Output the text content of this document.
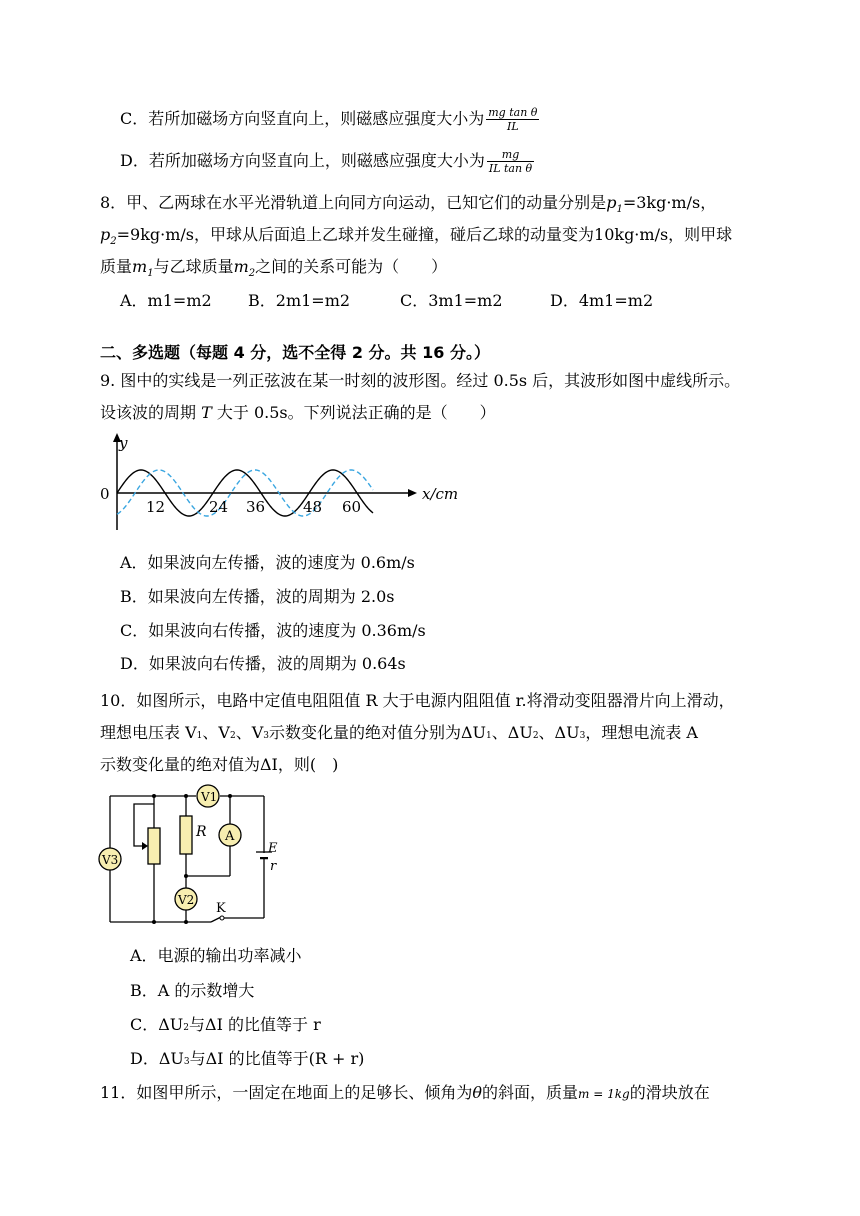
C．若所加磁场方向竖直向上，则磁感应强度大小为 $\frac{\text{mg tan θ}}{IL}$
D．若所加磁场方向竖直向上，则磁感应强度大小为 $\frac{mg}{\text{IL tan θ}}$
8．甲、乙两球在水平光滑轨道上向同方向运动，已知它们的动量分别是$p_1=3kg\cdot m/s$，
$p_2=9kg\cdot m/s$，甲球从后面追上乙球并发生碰撞，碰后乙球的动量变为10kg·m/s，则甲球
质量$m_1$与乙球质量$m_2$之间的关系可能为（　　）
A．m1=m2 B．2m1=m2	C．3m1=m2	D．4m1=m2
二、多选题（每题 4 分，选不全得 2 分。共 16 分。）
9. 图中的实线是一列正弦波在某一时刻的波形图。经过 0.5s 后，其波形如图中虚线所示。
设该波的周期 T 大于 0.5s。下列说法正确的是（　　）
y
0	x/cm
12	24 36	48 60
A．如果波向左传播，波的速度为 0.6m/s
B．如果波向左传播，波的周期为 2.0s
C．如果波向右传播，波的速度为 0.36m/s
D．如果波向右传播，波的周期为 0.64s
10．如图所示，电路中定值电阻阻值 R 大于电源内阻阻值 r.将滑动变阻器滑片向上滑动，
理想电压表 V1、V2、V3示数变化量的绝对值分别为ΔU1、ΔU2、ΔU3，理想电流表 A
示数变化量的绝对值为ΔI，则(　)
R
E
r
K
V1
A
V3
V2
A．电源的输出功率减小
B．A 的示数增大
C．ΔU2与ΔI 的比值等于 r
D．ΔU3与ΔI 的比值等于(R + r)
11．如图甲所示，一固定在地面上的足够长、倾角为θ的斜面，质量m = 1kg的滑块放在
